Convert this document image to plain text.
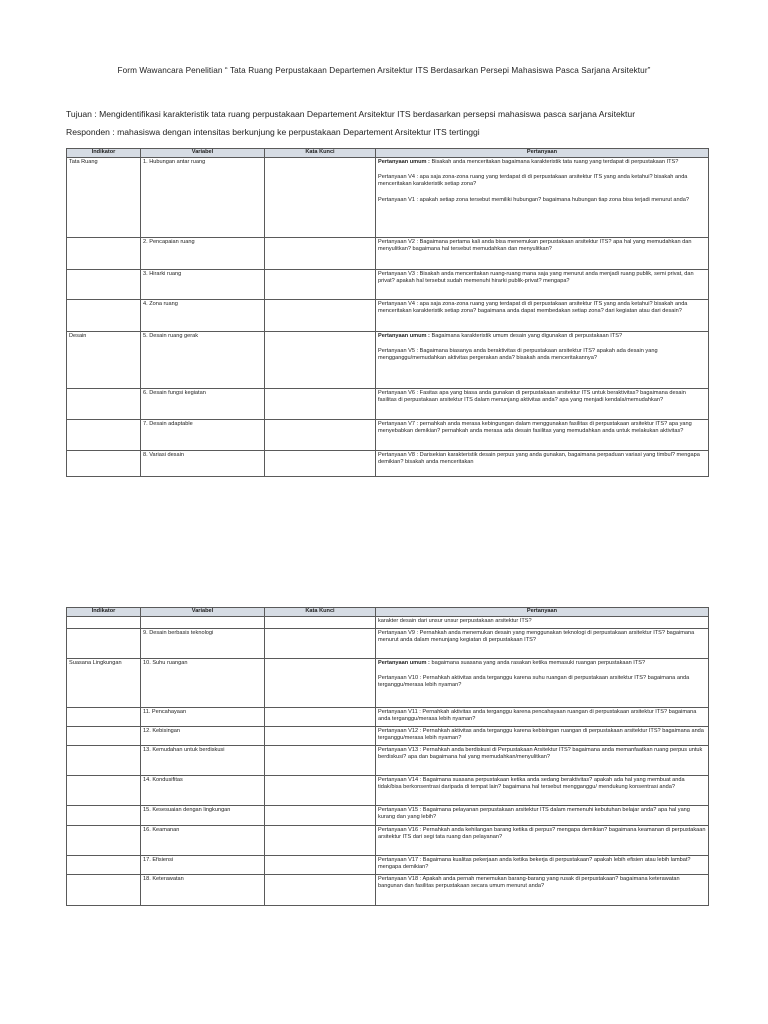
Form Wawancara Penelitian “ Tata Ruang Perpustakaan Departemen Arsitektur ITS Berdasarkan Persepi Mahasiswa Pasca Sarjana Arsitektur”
Tujuan : Mengidentifikasi karakteristik tata ruang perpustakaan Departement Arsitektur ITS berdasarkan persepsi mahasiswa pasca sarjana Arsitektur
Responden : mahasiswa dengan intensitas berkunjung ke perpustakaan Departement Arsitektur ITS tertinggi
Indikator	Variabel	Kata Kunci	Pertanyaan
Tata Ruang	1. Hubungan antar ruang		Pertanyaan umum : Bisakah anda menceritakan bagaimana karakteristik tata ruang yang terdapat di perpustakaan ITS?

Pertanyaan V4 : apa saja zona-zona ruang yang terdapat di di perpustakaan arsitektur ITS yang anda ketahui? bisakah anda menceritakan karakteristik setiap zona?

Pertanyaan V1 : apakah setiap zona tersebut memiliki hubungan? bagaimana hubungan tiap zona bisa terjadi menurut anda?

	2. Pencapaian ruang		Pertanyaan V2 : Bagaimana pertama kali anda bisa menemukan perpustakaan arsitektur ITS? apa hal yang memudahkan dan menyulitkan? bagaimana hal tersebut memudahkan dan menyulitkan?

	3. Hirarki ruang		Pertanyaan V3 : Bisakah anda menceritakan ruang-ruang mana saja yang menurut anda menjadi ruang publik, semi privat, dan privat? apakah hal tersebut sudah memenuhi hirarki publik-privat? mengapa?

	4. Zona ruang		Pertanyaan V4 : apa saja zona-zona ruang yang terdapat di di perpustakaan arsitektur ITS yang anda ketahui? bisakah anda menceritakan karakteristik setiap zona? bagaimana anda dapat membedakan setiap zona? dari kegiatan atau dari desain?

Desain	5. Desain ruang gerak		Pertanyaan umum : Bagaimana karakteristik umum desain yang digunakan di perpustakaan ITS?

Pertanyaan V5 : Bagaimana biasanya anda beraktivitas di perpustakaan arsitektur ITS? apakah ada desain yang mengganggu/memudahkan aktivitas pergerakan anda? bisakah anda menceritakannya?

	6. Desain fungsi kegiatan		Pertanyaan V6 : Fasitas apa yang biasa anda gunakan di perpustakaan arsitektur ITS untuk beraktivitas? bagaimana desain fasilitas di perpustakaan arsitektur ITS dalam menunjang aktivitas anda? apa yang menjadi kendala/memudahkan?

	7. Desain adaptable		Pertanyaan V7 : pernahkah anda merasa kebingungan dalam menggunakan fasilitas di perpustakaan arsitektur ITS? apa yang menyebabkan demikian? pernahkah anda merasa ada desain fasilitas yang memudahkan anda untuk melakukan aktivitas?

	8. Variasi desain		Pertanyaan V8 : Darisekian karakteristik desain perpus yang anda gunakan, bagaimana perpaduan variasi yang timbul? mengapa demikian? bisakah anda menceritakan

Indikator	Variabel	Kata Kunci	Pertanyaan

			karakter desain dari unsur unsur perpustakaan arsitektur ITS?

	9. Desain berbasis teknologi		Pertanyaan V9 : Pernahkah anda menemukan desain yang menggunakan teknologi di perpustakaan arsitektur ITS? bagaimana menurut anda dalam menunjang kegiatan di perpustakaan ITS?

Suasana Lingkungan	10. Suhu ruangan		Pertanyaan umum : bagaimana suasana yang anda rasakan ketika memasuki ruangan perpustakaan ITS?

Pertanyaan V10 : Pernahkah aktivitas anda terganggu karena suhu ruangan di perpustakaan arsitektur ITS? bagaimana anda terganggu/merasa lebih nyaman?

	11. Pencahayaan		Pertanyaan V11 : Pernahkah aktivitas anda terganggu karena pencahayaan ruangan di perpustakaan arsitektur ITS? bagaimana anda terganggu/merasa lebih nyaman?

	12. Kebisingan		Pertanyaan V12 : Pernahkah aktivitas anda terganggu karena kebisingan ruangan di perpustakaan arsitektur ITS? bagaimana anda terganggu/merasa lebih nyaman?

	13. Kemudahan untuk berdiskusi		Pertanyaan V13 : Pernahkah anda berdiskusi di Perpustakaan Arsitektur ITS? bagaimana anda memanfaatkan ruang perpus untuk berdiskusi? apa dan bagaimana hal yang memudahkan/menyulitkan?

	14. Kondusifitas		Pertanyaan V14 : Bagaimana suasana perpustakaan ketika anda sedang beraktivitas? apakah ada hal yang membuat anda tidak/bisa berkonsentrasi daripada di tempat lain? bagaimana hal tersebut mengganggu/ mendukung konsentrasi anda?

	15. Kesesuaian dengan lingkungan		Pertanyaan V15 : Bagaimana pelayanan perpustakaan arsitektur ITS dalam memenuhi kebutuhan belajar anda? apa hal yang kurang dan yang lebih?

	16. Keamanan		Pertanyaan V16 : Pernahkah anda kehilangan barang ketika di perpus? mengapa demikian? bagaimana keamanan di perpustakaan arsitektur ITS dari segi tata ruang dan pelayanan?

	17. Efisiensi		Pertanyaan V17 : Bagaimana kualitas pekerjaan anda ketika bekerja di perpustakaan? apakah lebih efisien atau lebih lambat? mengapa demikian?

	18. Keterawatan		Pertanyaan V18 : Apakah anda pernah menemukan barang-barang yang rusak di perpustakaan? bagaimana keterawatan bangunan dan fasilitas perpustakaan secara umum menurut anda?
